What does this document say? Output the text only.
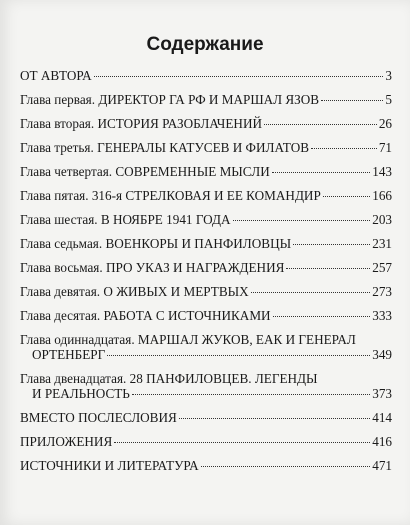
Содержание
ОТ АВТОРА	3
Глава первая. ДИРЕКТОР ГА РФ И МАРШАЛ ЯЗОВ	5
Глава вторая. ИСТОРИЯ РАЗОБЛАЧЕНИЙ	26
Глава третья. ГЕНЕРАЛЫ КАТУСЕВ И ФИЛАТОВ	71
Глава четвертая. СОВРЕМЕННЫЕ МЫСЛИ	143
Глава пятая. 316-я СТРЕЛКОВАЯ И ЕЕ КОМАНДИР	166
Глава шестая. В НОЯБРЕ 1941 ГОДА	203
Глава седьмая. ВОЕНКОРЫ И ПАНФИЛОВЦЫ	231
Глава восьмая. ПРО УКАЗ И НАГРАЖДЕНИЯ	257
Глава девятая. О ЖИВЫХ И МЕРТВЫХ	273
Глава десятая. РАБОТА С ИСТОЧНИКАМИ	333
Глава одиннадцатая. МАРШАЛ ЖУКОВ, ЕАК И ГЕНЕРАЛ
ОРТЕНБЕРГ	349
Глава двенадцатая. 28 ПАНФИЛОВЦЕВ. ЛЕГЕНДЫ
И РЕАЛЬНОСТЬ	373
ВМЕСТО ПОСЛЕСЛОВИЯ	414
ПРИЛОЖЕНИЯ	416
ИСТОЧНИКИ И ЛИТЕРАТУРА	471
